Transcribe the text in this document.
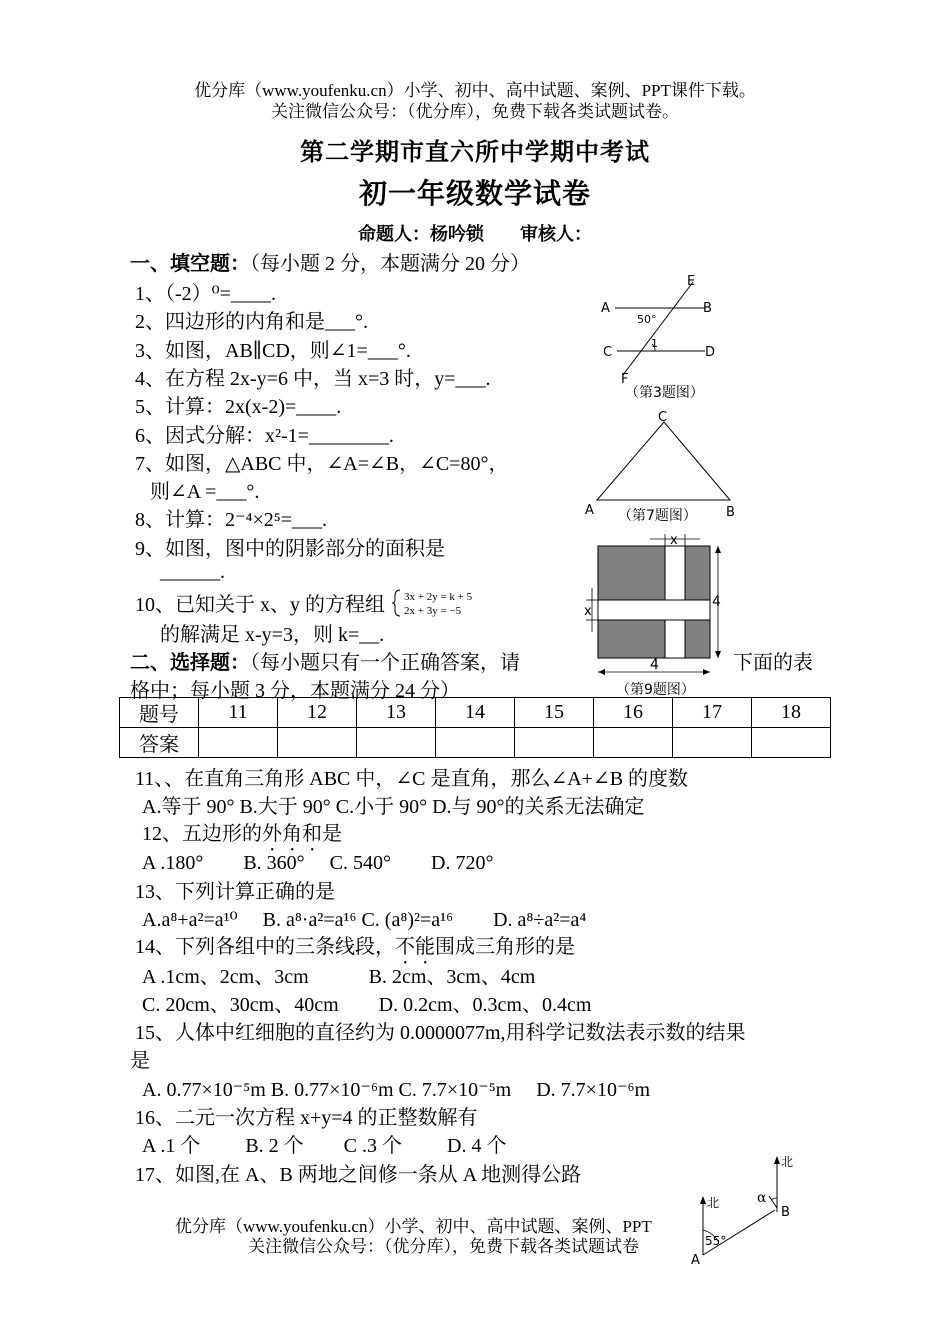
优分库（www.youfenku.cn）小学、初中、高中试题、案例、PPT课件下载。
关注微信公众号：（优分库），免费下载各类试题试卷。
第二学期市直六所中学期中考试
初一年级数学试卷
命题人：杨吟锁　　审核人：
一、填空题：（每小题 2 分，本题满分 20 分）
1、（-2）⁰=____.
2、四边形的内角和是___°.
3、如图，AB∥CD，则∠1=___°.
4、在方程 2x-y=6 中，当 x=3 时，y=___.
5、计算：2x(x-2)=____.
6、因式分解：x²-1=________.
7、如图，△ABC 中，∠A=∠B，∠C=80°，
则∠A =___°.
8、计算：2⁻⁴×2⁵=___.
9、如图，图中的阴影部分的面积是
______.
10、已知关于 x、y 的方程组 3x + 2y = k + 5
2x + 3y = −5
的解满足 x-y=3，则 k=__.
二、选择题：（每小题只有一个正确答案，请	下面的表
格中；每小题 3 分，本题满分 24 分）
题号	11	12	13	14	15	16	17	18
答案								
11、、在直角三角形 ABC 中，∠C 是直角，那么∠A+∠B 的度数
A.等于 90° B.大于 90° C.小于 90° D.与 90°的关系无法确定
12、五边形的外角和是
A .180°　　B. 360°　 C. 540°　　D. 720°
13、下列计算正确的是
A.a⁸+a²=a¹⁰　 B. a⁸·a²=a¹⁶ C. (a⁸)²=a¹⁶　　D. a⁸÷a²=a⁴
14、下列各组中的三条线段，不能围成三角形的是
A .1cm、2cm、3cm　　　B. 2cm、3cm、4cm
C. 20cm、30cm、40cm　　D. 0.2cm、0.3cm、0.4cm
15、人体中红细胞的直径约为 0.0000077m,用科学记数法表示数的结果
是
A. 0.77×10⁻⁵m B. 0.77×10⁻⁶m C. 7.7×10⁻⁵m　 D. 7.7×10⁻⁶m
16、二元一次方程 x+y=4 的正整数解有
A .1 个　　 B. 2 个　　C .3 个　　 D. 4 个
17、如图,在 A、B 两地之间修一条从 A 地测得公路
优分库（www.youfenku.cn）小学、初中、高中试题、案例、PPT
关注微信公众号：（优分库），免费下载各类试题试卷
A	B
C	D
E
F
50°
1
（第3题图）
C
A	B
（第7题图）
x
x
4
4
（第9题图）
北
北
55°
α
A
B
